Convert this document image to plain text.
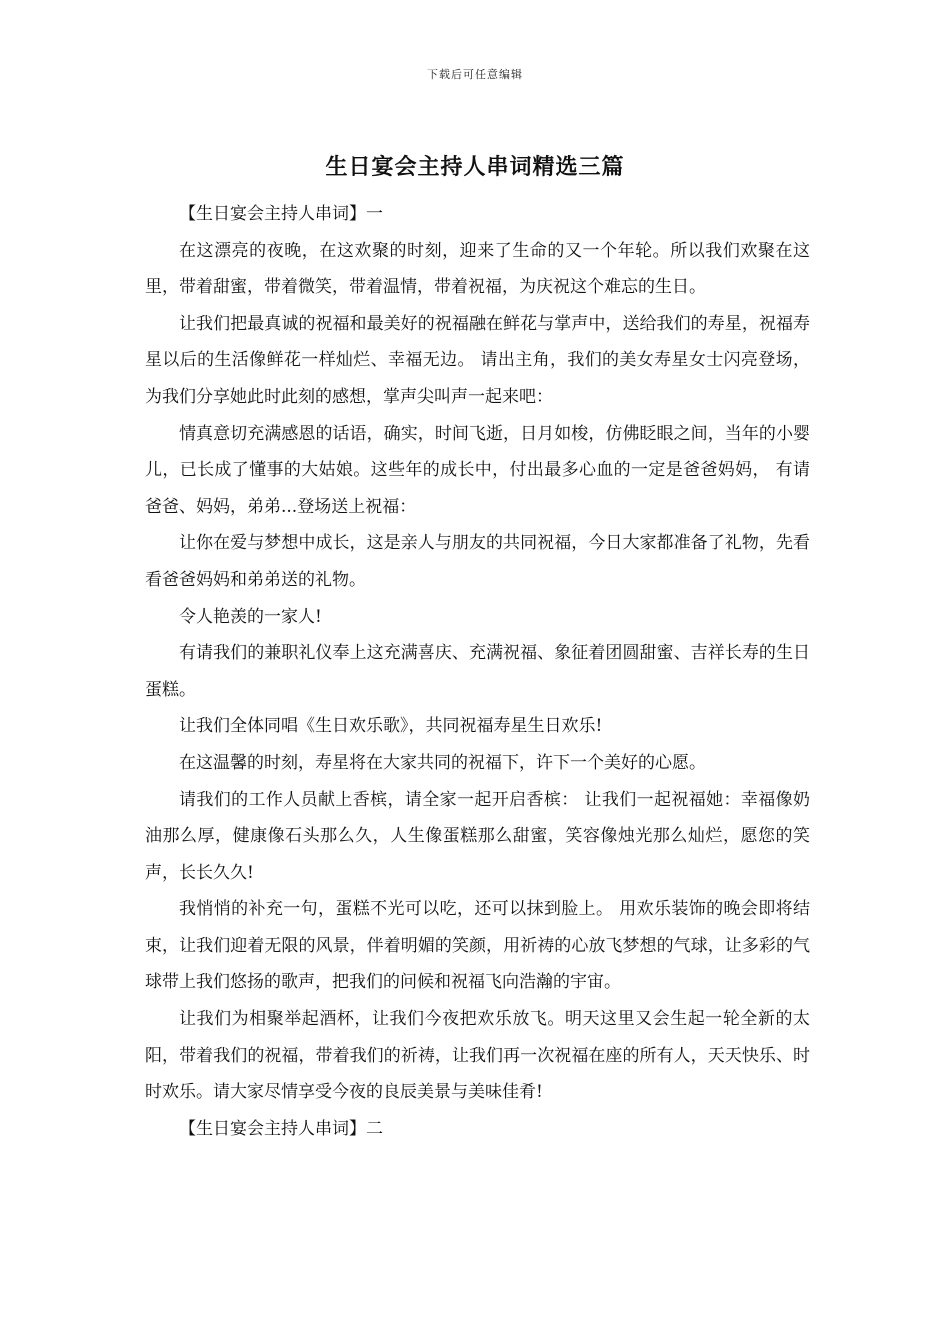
下载后可任意编辑
生日宴会主持人串词精选三篇

【生日宴会主持人串词】一

在这漂亮的夜晚，在这欢聚的时刻，迎来了生命的又一个年轮。所以我们欢聚在这里，带着甜蜜，带着微笑，带着温情，带着祝福，为庆祝这个难忘的生日。

让我们把最真诚的祝福和最美好的祝福融在鲜花与掌声中，送给我们的寿星，祝福寿星以后的生活像鲜花一样灿烂、幸福无边。 请出主角，我们的美女寿星女士闪亮登场，为我们分享她此时此刻的感想，掌声尖叫声一起来吧：

情真意切充满感恩的话语，确实，时间飞逝，日月如梭，仿佛眨眼之间，当年的小婴儿，已长成了懂事的大姑娘。这些年的成长中，付出最多心血的一定是爸爸妈妈， 有请爸爸、妈妈，弟弟...登场送上祝福：

让你在爱与梦想中成长，这是亲人与朋友的共同祝福，今日大家都准备了礼物，先看看爸爸妈妈和弟弟送的礼物。

令人艳羡的一家人!

有请我们的兼职礼仪奉上这充满喜庆、充满祝福、象征着团圆甜蜜、吉祥长寿的生日蛋糕。

让我们全体同唱《生日欢乐歌》，共同祝福寿星生日欢乐!

在这温馨的时刻，寿星将在大家共同的祝福下，许下一个美好的心愿。

请我们的工作人员献上香槟，请全家一起开启香槟： 让我们一起祝福她：幸福像奶油那么厚，健康像石头那么久，人生像蛋糕那么甜蜜，笑容像烛光那么灿烂，愿您的笑声，长长久久!

我悄悄的补充一句，蛋糕不光可以吃，还可以抹到脸上。 用欢乐装饰的晚会即将结束，让我们迎着无限的风景，伴着明媚的笑颜，用祈祷的心放飞梦想的气球，让多彩的气球带上我们悠扬的歌声，把我们的问候和祝福飞向浩瀚的宇宙。

让我们为相聚举起酒杯，让我们今夜把欢乐放飞。明天这里又会生起一轮全新的太阳，带着我们的祝福，带着我们的祈祷，让我们再一次祝福在座的所有人，天天快乐、时时欢乐。请大家尽情享受今夜的良辰美景与美味佳肴!

【生日宴会主持人串词】二
